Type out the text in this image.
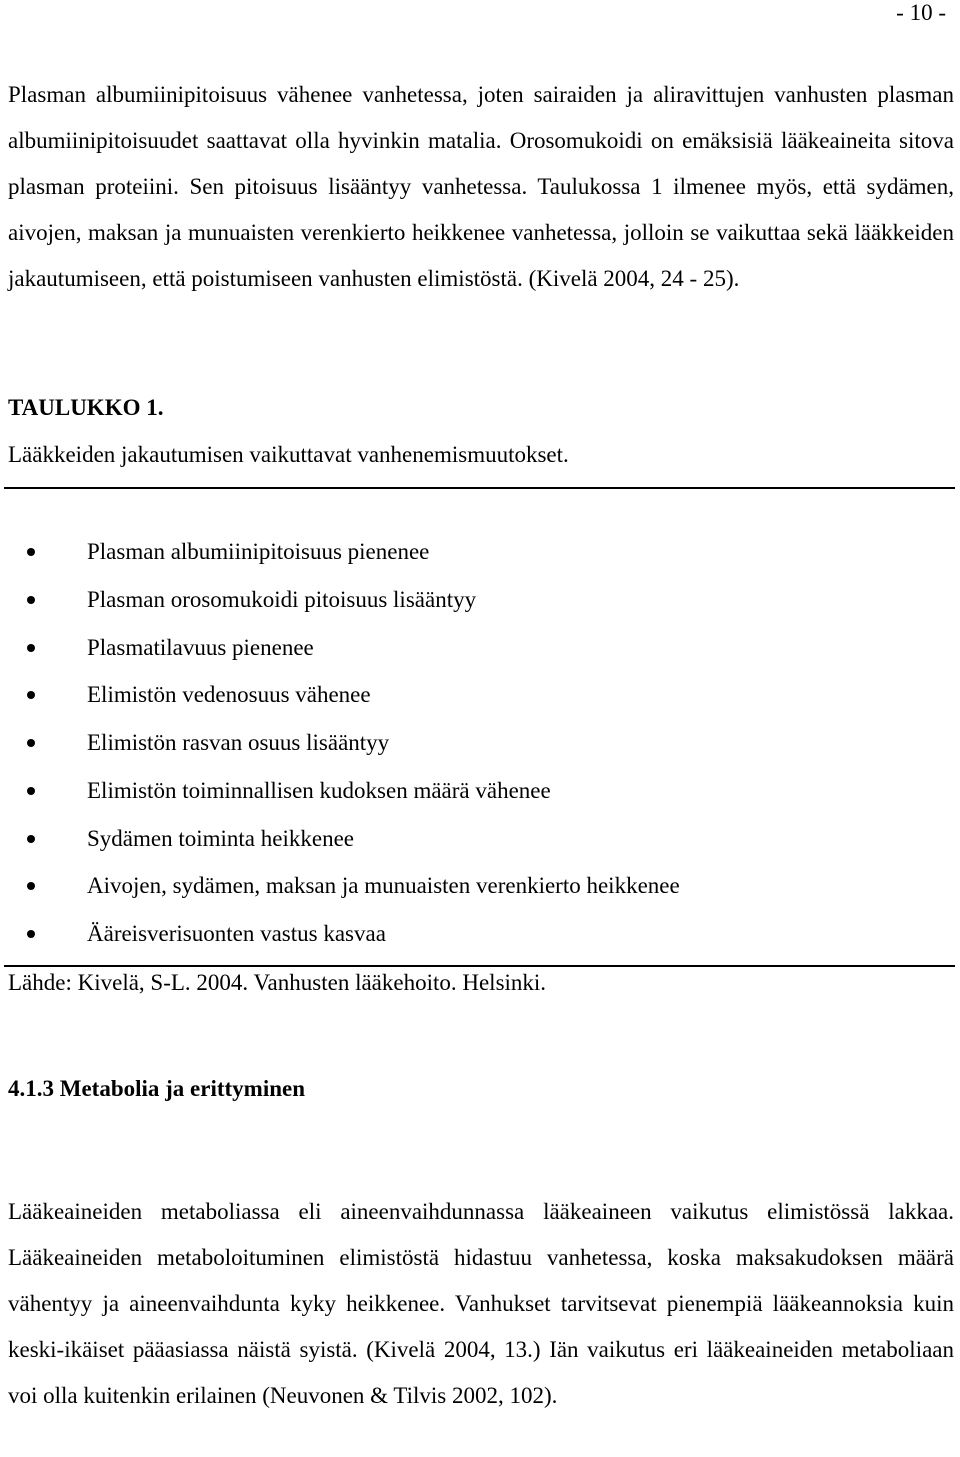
- 10 -

Plasman albumiinipitoisuus vähenee vanhetessa, joten sairaiden ja aliravittujen vanhusten plasman albumiinipitoisuudet saattavat olla hyvinkin matalia. Orosomukoidi on emäksisiä lääkeaineita sitova plasman proteiini. Sen pitoisuus lisääntyy vanhetessa. Taulukossa 1 ilmenee myös, että sydämen, aivojen, maksan ja munuaisten verenkierto heikkenee vanhetessa, jolloin se vaikuttaa sekä lääkkeiden jakautumiseen, että poistumiseen vanhusten elimistöstä. (Kivelä 2004, 24 - 25).

TAULUKKO 1.

Lääkkeiden jakautumisen vaikuttavat vanhenemismuutokset.

Plasman albumiinipitoisuus pienenee
Plasman orosomukoidi pitoisuus lisääntyy
Plasmatilavuus pienenee
Elimistön vedenosuus vähenee
Elimistön rasvan osuus lisääntyy
Elimistön toiminnallisen kudoksen määrä vähenee
Sydämen toiminta heikkenee
Aivojen, sydämen, maksan ja munuaisten verenkierto heikkenee
Ääreisverisuonten vastus kasvaa

Lähde: Kivelä, S-L. 2004. Vanhusten lääkehoito. Helsinki.

4.1.3 Metabolia ja erittyminen

Lääkeaineiden metaboliassa eli aineenvaihdunnassa lääkeaineen vaikutus elimistössä lakkaa. Lääkeaineiden metaboloituminen elimistöstä hidastuu vanhetessa, koska maksakudoksen määrä vähentyy ja aineenvaihdunta kyky heikkenee. Vanhukset tarvitsevat pienempiä lääkeannoksia kuin keski-ikäiset pääasiassa näistä syistä. (Kivelä 2004, 13.) Iän vaikutus eri lääkeaineiden metaboliaan voi olla kuitenkin erilainen (Neuvonen & Tilvis 2002, 102).
